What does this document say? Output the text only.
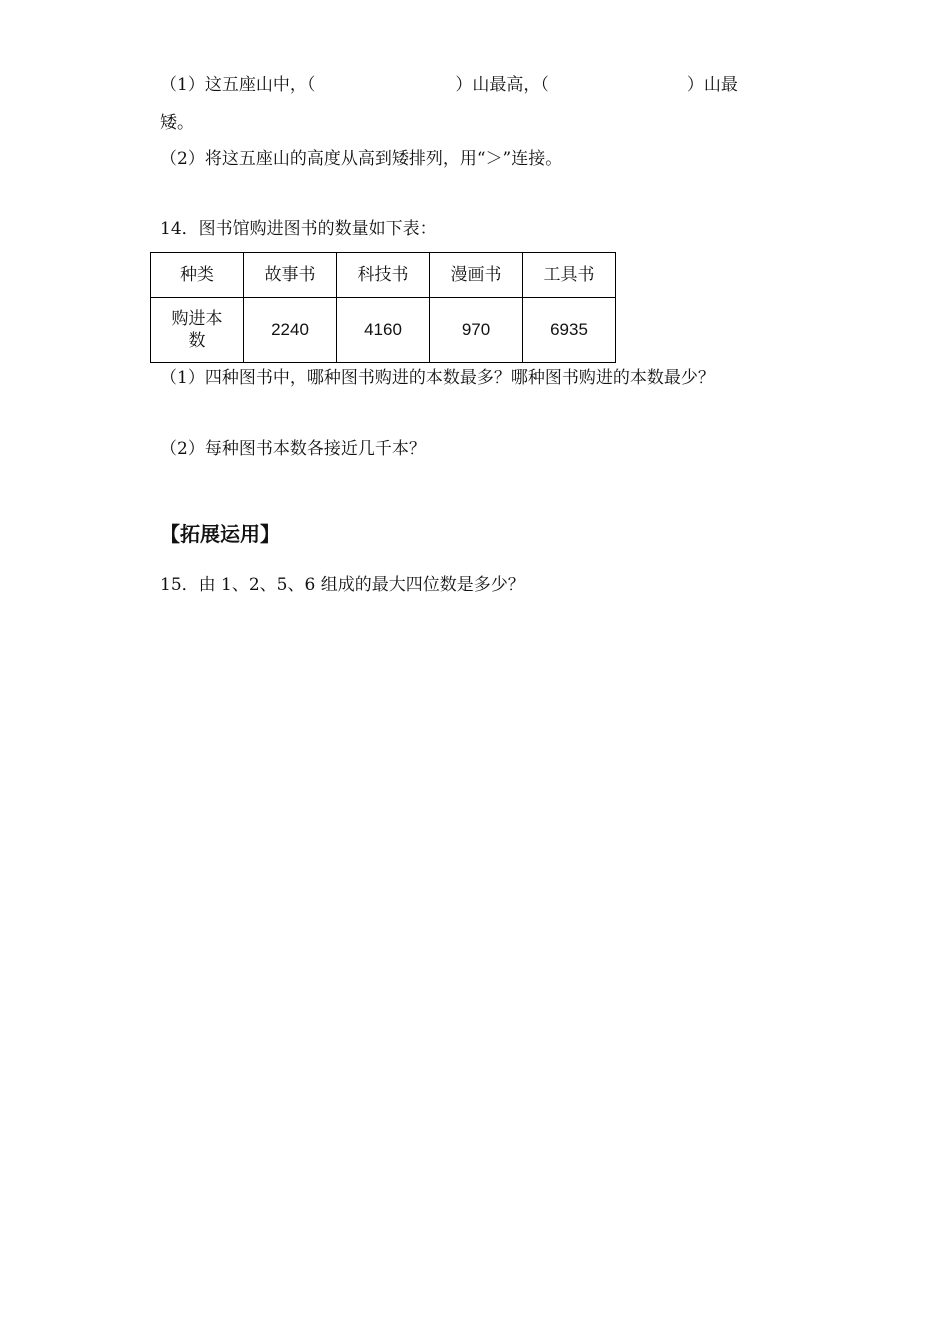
（1）这五座山中，（	）山最高，（	）山最

矮。

（2）将这五座山的高度从高到矮排列，用“＞”连接。

14．图书馆购进图书的数量如下表：

种类	故事书	科技书	漫画书	工具书
购进本
数	2240	4160	970	6935

（1）四种图书中，哪种图书购进的本数最多？哪种图书购进的本数最少？

（2）每种图书本数各接近几千本？

【拓展运用】

15．由 1、2、5、6 组成的最大四位数是多少？
